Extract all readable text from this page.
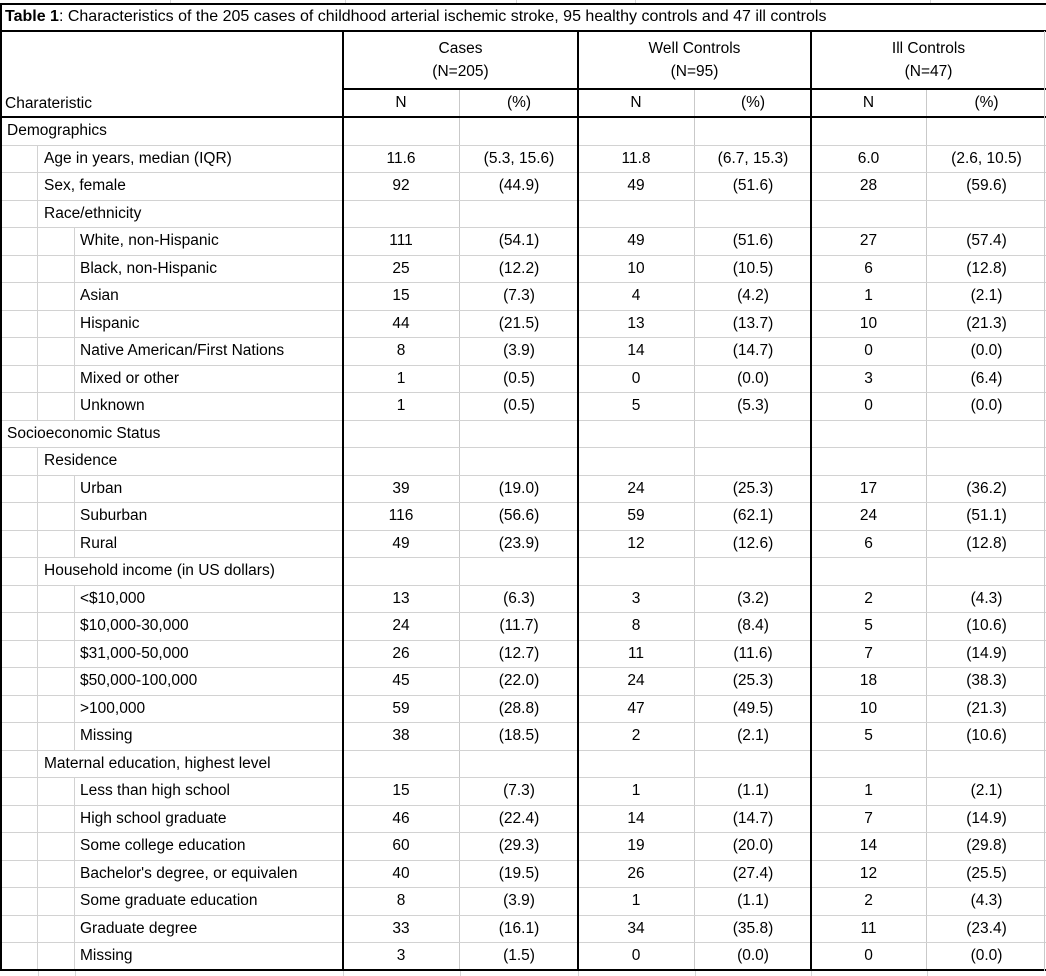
Table 1 : Characteristics of the 205 cases of childhood arterial ischemic stroke, 95 healthy controls and 47 ill controls
Charateristic
Cases
(N=205)
Well Controls
(N=95)
Ill Controls
(N=47)
N	(%)	N	(%)	N	(%)
Demographics
Age in years, median (IQR)	11.6	(5.3, 15.6)	11.8	(6.7, 15.3)	6.0	(2.6, 10.5)
Sex, female	92	(44.9)	49	(51.6)	28	(59.6)
Race/ethnicity
White, non-Hispanic	111	(54.1)	49	(51.6)	27	(57.4)
Black, non-Hispanic	25	(12.2)	10	(10.5)	6	(12.8)
Asian	15	(7.3)	4	(4.2)	1	(2.1)
Hispanic	44	(21.5)	13	(13.7)	10	(21.3)
Native American/First Nations	8	(3.9)	14	(14.7)	0	(0.0)
Mixed or other	1	(0.5)	0	(0.0)	3	(6.4)
Unknown	1	(0.5)	5	(5.3)	0	(0.0)
Socioeconomic Status
Residence
Urban	39	(19.0)	24	(25.3)	17	(36.2)
Suburban	116	(56.6)	59	(62.1)	24	(51.1)
Rural	49	(23.9)	12	(12.6)	6	(12.8)
Household income (in US dollars)
<$10,000	13	(6.3)	3	(3.2)	2	(4.3)
$10,000-30,000	24	(11.7)	8	(8.4)	5	(10.6)
$31,000-50,000	26	(12.7)	11	(11.6)	7	(14.9)
$50,000-100,000	45	(22.0)	24	(25.3)	18	(38.3)
>100,000	59	(28.8)	47	(49.5)	10	(21.3)
Missing	38	(18.5)	2	(2.1)	5	(10.6)
Maternal education, highest level
Less than high school	15	(7.3)	1	(1.1)	1	(2.1)
High school graduate	46	(22.4)	14	(14.7)	7	(14.9)
Some college education	60	(29.3)	19	(20.0)	14	(29.8)
Bachelor's degree, or equivalen	40	(19.5)	26	(27.4)	12	(25.5)
Some graduate education	8	(3.9)	1	(1.1)	2	(4.3)
Graduate degree	33	(16.1)	34	(35.8)	11	(23.4)
Missing	3	(1.5)	0	(0.0)	0	(0.0)
